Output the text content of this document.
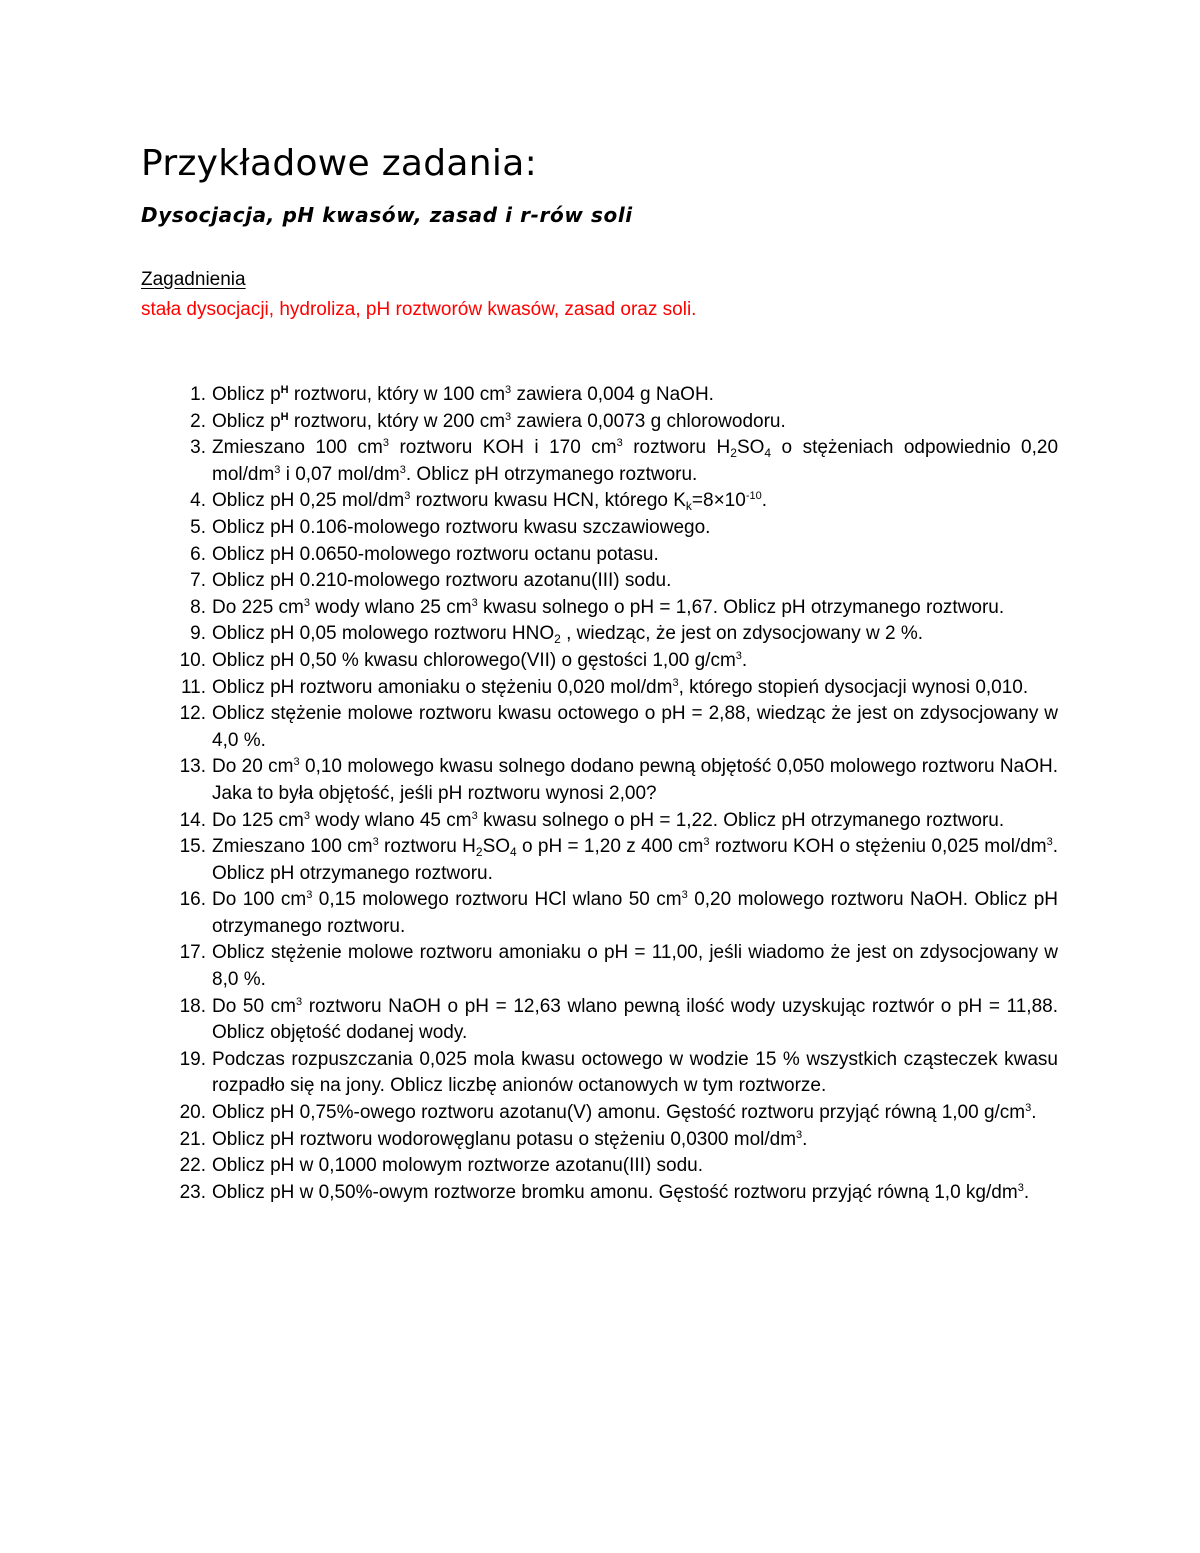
Przykładowe zadania:
Dysocjacja, pH kwasów, zasad i r-rów soli
Zagadnienia
stała dysocjacji, hydroliza, pH roztworów kwasów, zasad oraz soli.
1. Oblicz $p^H$ roztworu, który w 100 $cm^3$ zawiera 0,004 g NaOH.
2. Oblicz $p^H$ roztworu, który w 200 $cm^3$ zawiera 0,0073 g chlorowodoru.
3. Zmieszano 100 $cm^3$ roztworu KOH i 170 $cm^3$ roztworu $H_2SO_4$ o stężeniach odpowiednio 0,20 mol/$dm^3$ i 0,07 mol/$dm^3$. Oblicz pH otrzymanego roztworu.
4. Oblicz pH 0,25 mol/$dm^3$ roztworu kwasu HCN, którego $K_k=8\times 10^{-10}$.
5. Oblicz pH 0.106-molowego roztworu kwasu szczawiowego.
6. Oblicz pH 0.0650-molowego roztworu octanu potasu.
7. Oblicz pH 0.210-molowego roztworu azotanu(III) sodu.
8. Do 225 $cm^3$ wody wlano 25 $cm^3$ kwasu solnego o pH = 1,67. Oblicz pH otrzymanego roztworu.
9. Oblicz pH 0,05 molowego roztworu $HNO_2$ , wiedząc, że jest on zdysocjowany w 2 %.
10. Oblicz pH 0,50 % kwasu chlorowego(VII) o gęstości 1,00 $g/cm^3$.
11. Oblicz pH roztworu amoniaku o stężeniu 0,020 mol/$dm^3$, którego stopień dysocjacji wynosi 0,010.
12. Oblicz stężenie molowe roztworu kwasu octowego o pH = 2,88, wiedząc że jest on zdysocjowany w 4,0 %.
13. Do 20 $cm^3$ 0,10 molowego kwasu solnego dodano pewną objętość 0,050 molowego roztworu NaOH. Jaka to była objętość, jeśli pH roztworu wynosi 2,00?
14. Do 125 $cm^3$ wody wlano 45 $cm^3$ kwasu solnego o pH = 1,22. Oblicz pH otrzymanego roztworu.
15. Zmieszano 100 $cm^3$ roztworu $H_2SO_4$ o pH = 1,20 z 400 $cm^3$ roztworu KOH o stężeniu 0,025 mol/$dm^3$. Oblicz pH otrzymanego roztworu.
16. Do 100 $cm^3$ 0,15 molowego roztworu HCl wlano 50 $cm^3$ 0,20 molowego roztworu NaOH. Oblicz pH otrzymanego roztworu.
17. Oblicz stężenie molowe roztworu amoniaku o pH = 11,00, jeśli wiadomo że jest on zdysocjowany w 8,0 %.
18. Do 50 $cm^3$ roztworu NaOH o pH = 12,63 wlano pewną ilość wody uzyskując roztwór o pH = 11,88. Oblicz objętość dodanej wody.
19. Podczas rozpuszczania 0,025 mola kwasu octowego w wodzie 15 % wszystkich cząsteczek kwasu rozpadło się na jony. Oblicz liczbę anionów octanowych w tym roztworze.
20. Oblicz pH 0,75%-owego roztworu azotanu(V) amonu. Gęstość roztworu przyjąć równą 1,00 $g/cm^3$.
21. Oblicz pH roztworu wodorowęglanu potasu o stężeniu 0,0300 mol/$dm^3$.
22. Oblicz pH w 0,1000 molowym roztworze azotanu(III) sodu.
23. Oblicz pH w 0,50%-owym roztworze bromku amonu. Gęstość roztworu przyjąć równą 1,0 $kg/dm^3$.
